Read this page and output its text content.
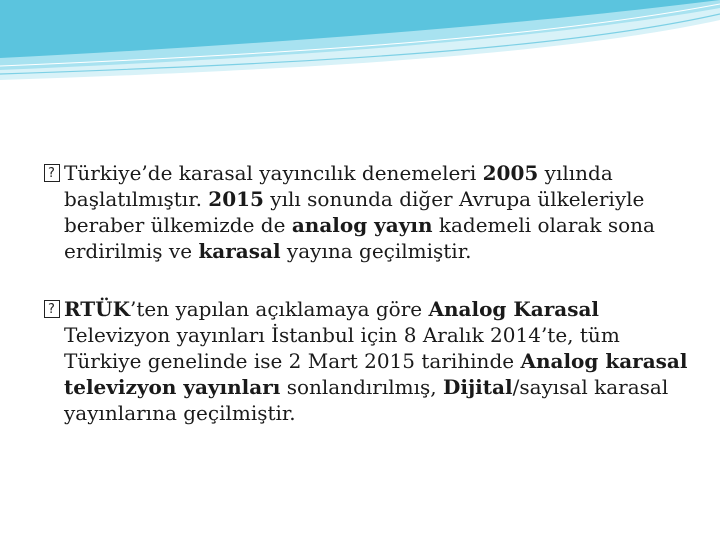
?
Türkiye’de karasal yayıncılık denemeleri 2005 yılında başlatılmıştır. 2015 yılı sonunda diğer Avrupa ülkeleriyle beraber ülkemizde de analog yayın kademeli olarak sona erdirilmiş ve karasal yayına geçilmiştir.

?
RTÜK’ten yapılan açıklamaya göre Analog Karasal Televizyon yayınları İstanbul için 8 Aralık 2014’te, tüm Türkiye genelinde ise 2 Mart 2015 tarihinde Analog karasal televizyon yayınları sonlandırılmış, Dijital/sayısal karasal yayınlarına geçilmiştir.
